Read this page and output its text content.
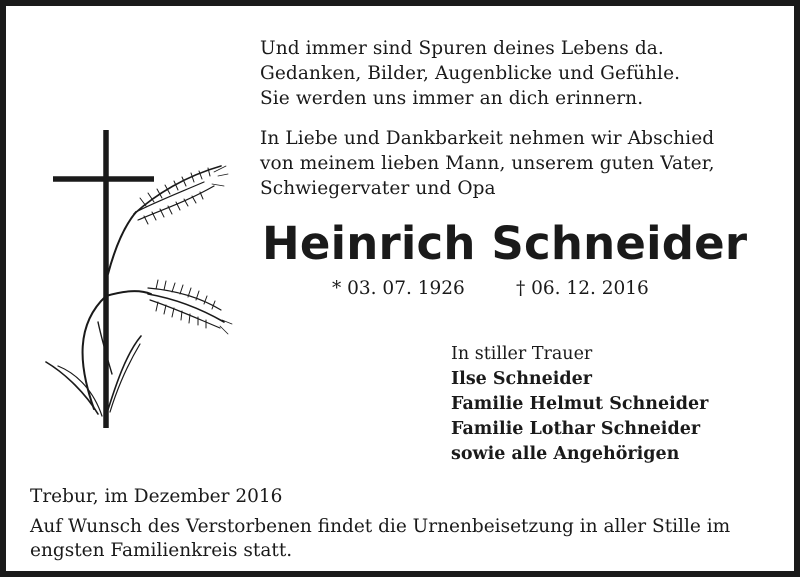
Und immer sind Spuren deines Lebens da.
Gedanken, Bilder, Augenblicke und Gefühle.
Sie werden uns immer an dich erinnern.
In Liebe und Dankbarkeit nehmen wir Abschied
von meinem lieben Mann, unserem guten Vater,
Schwiegervater und Opa
Heinrich Schneider
* 03. 07. 1926	† 06. 12. 2016
In stiller Trauer
Ilse Schneider
Familie Helmut Schneider
Familie Lothar Schneider
sowie alle Angehörigen
Trebur, im Dezember 2016
Auf Wunsch des Verstorbenen findet die Urnenbeisetzung in aller Stille im engsten Familienkreis statt.
